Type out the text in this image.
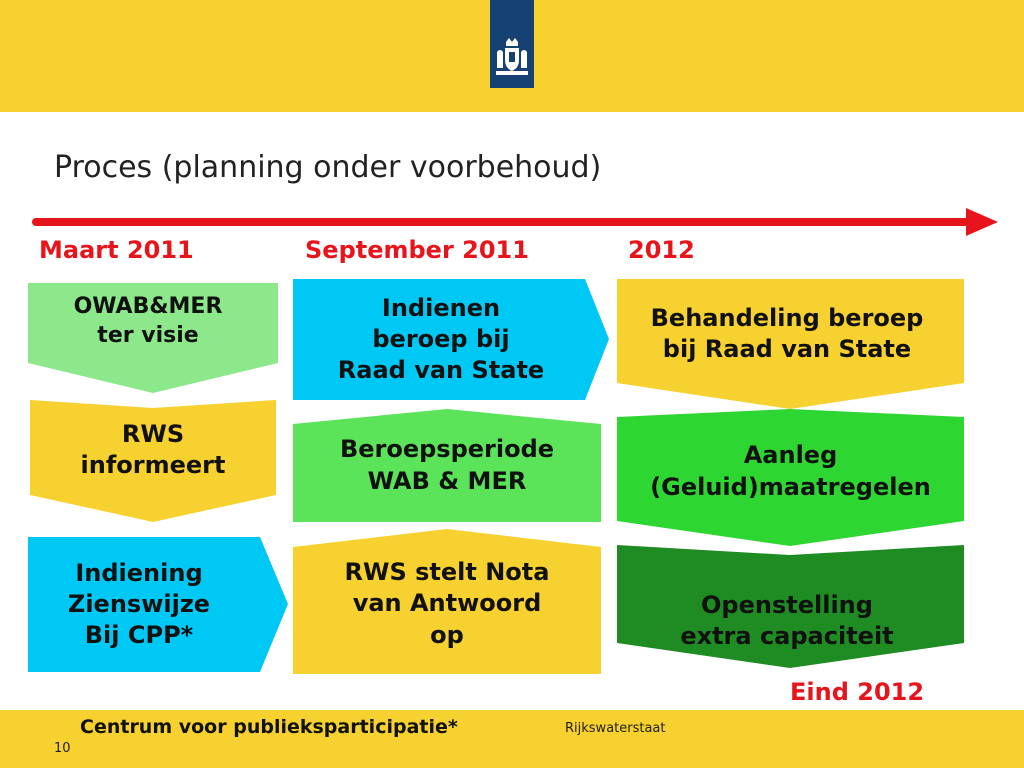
Proces (planning onder voorbehoud)
Maart 2011	September 2011	2012
OWAB&MER
ter visie
RWS
informeert
Indiening
Zienswijze
Bij CPP*
Indienen
beroep bij
Raad van State
Beroepsperiode
WAB & MER
RWS stelt Nota
van Antwoord
op
Behandeling beroep
bij Raad van State
Aanleg
(Geluid)maatregelen
Openstelling
extra capaciteit
Eind 2012
Centrum voor publieksparticipatie*	Rijkswaterstaat
10
